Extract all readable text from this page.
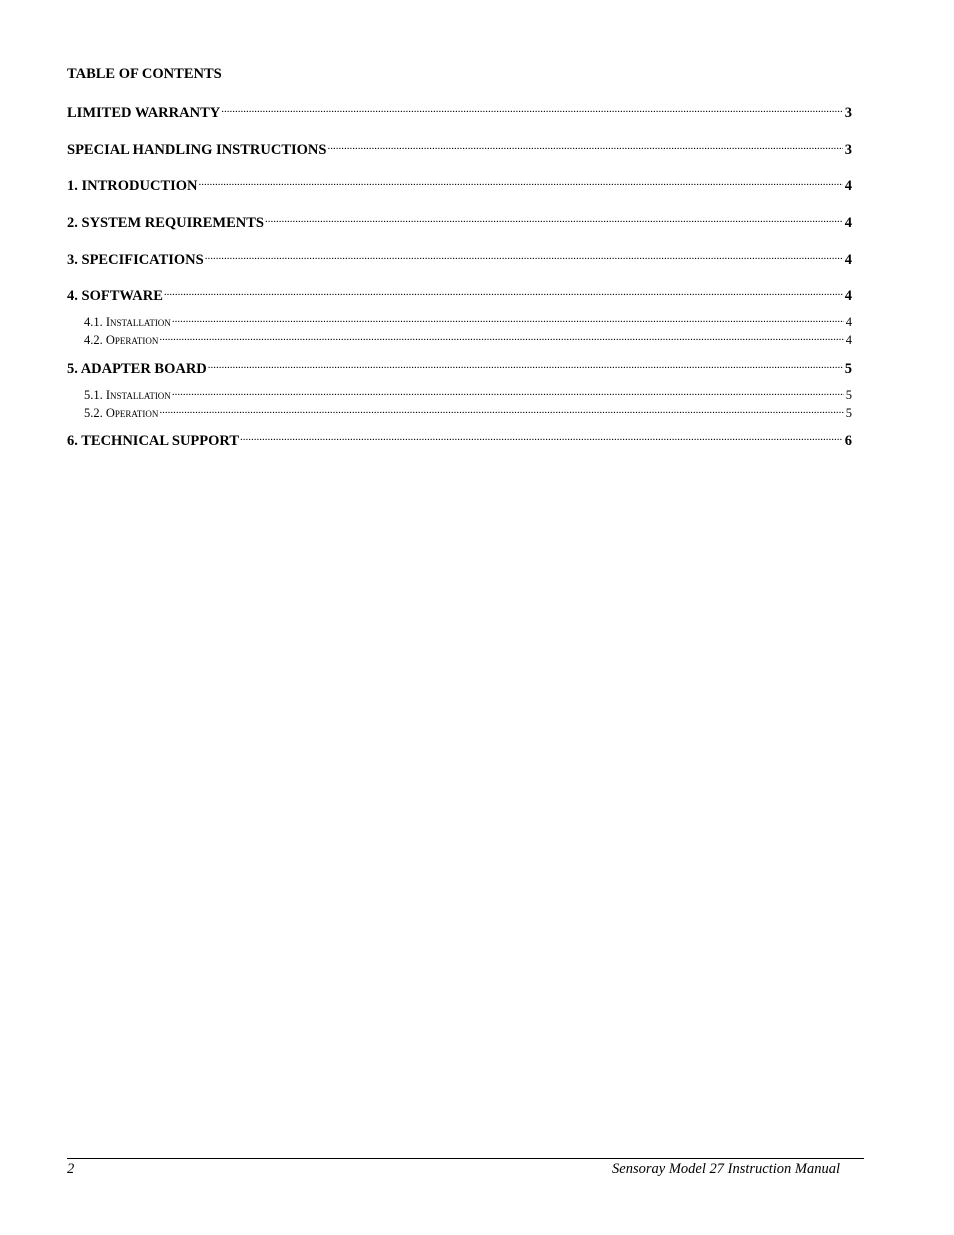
TABLE OF CONTENTS
LIMITED WARRANTY .....	3
SPECIAL HANDLING INSTRUCTIONS .....	3
1. INTRODUCTION .....	4
2. SYSTEM REQUIREMENTS .....	4
3. SPECIFICATIONS .....	4
4. SOFTWARE .....	4
4.1. Installation .....	4
4.2. Operation .....	4
5. ADAPTER BOARD .....	5
5.1. Installation .....	5
5.2. Operation .....	5
6. TECHNICAL SUPPORT .....	6
2	Sensoray Model 27 Instruction Manual
